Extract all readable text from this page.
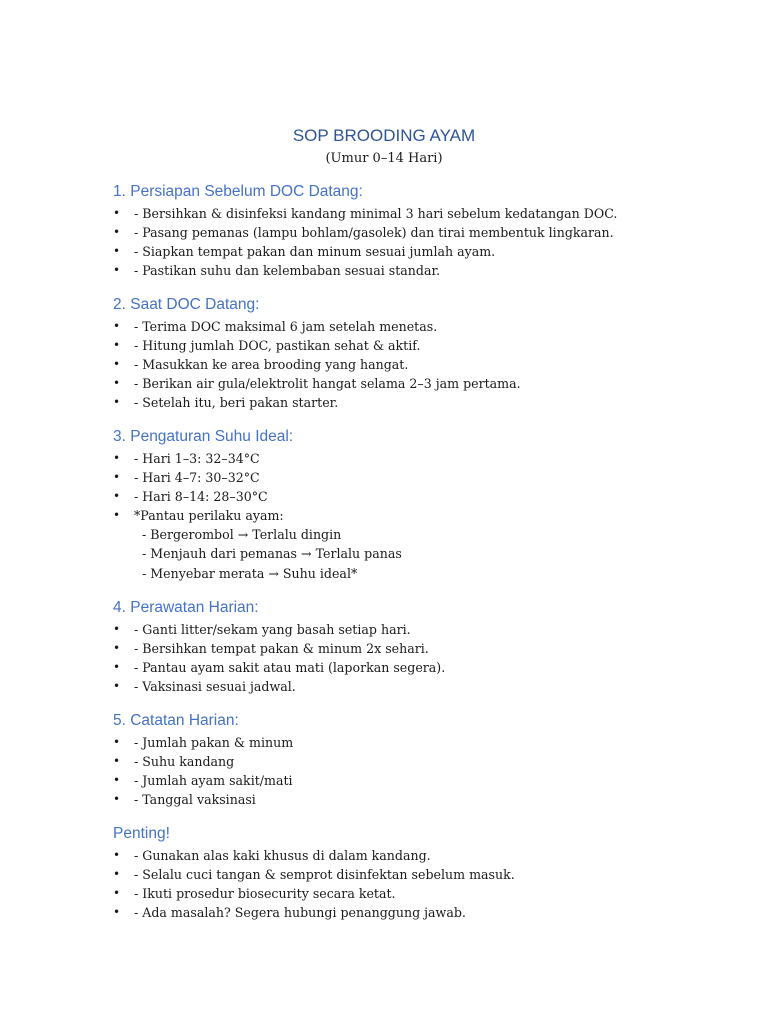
SOP BROODING AYAM
(Umur 0–14 Hari)
1. Persiapan Sebelum DOC Datang:
• - Bersihkan & disinfeksi kandang minimal 3 hari sebelum kedatangan DOC.
• - Pasang pemanas (lampu bohlam/gasolek) dan tirai membentuk lingkaran.
• - Siapkan tempat pakan dan minum sesuai jumlah ayam.
• - Pastikan suhu dan kelembaban sesuai standar.
2. Saat DOC Datang:
• - Terima DOC maksimal 6 jam setelah menetas.
• - Hitung jumlah DOC, pastikan sehat & aktif.
• - Masukkan ke area brooding yang hangat.
• - Berikan air gula/elektrolit hangat selama 2–3 jam pertama.
• - Setelah itu, beri pakan starter.
3. Pengaturan Suhu Ideal:
• - Hari 1–3: 32–34°C
• - Hari 4–7: 30–32°C
• - Hari 8–14: 28–30°C
• *Pantau perilaku ayam:
- Bergerombol → Terlalu dingin
- Menjauh dari pemanas → Terlalu panas
- Menyebar merata → Suhu ideal*
4. Perawatan Harian:
• - Ganti litter/sekam yang basah setiap hari.
• - Bersihkan tempat pakan & minum 2x sehari.
• - Pantau ayam sakit atau mati (laporkan segera).
• - Vaksinasi sesuai jadwal.
5. Catatan Harian:
• - Jumlah pakan & minum
• - Suhu kandang
• - Jumlah ayam sakit/mati
• - Tanggal vaksinasi
Penting!
• - Gunakan alas kaki khusus di dalam kandang.
• - Selalu cuci tangan & semprot disinfektan sebelum masuk.
• - Ikuti prosedur biosecurity secara ketat.
• - Ada masalah? Segera hubungi penanggung jawab.
